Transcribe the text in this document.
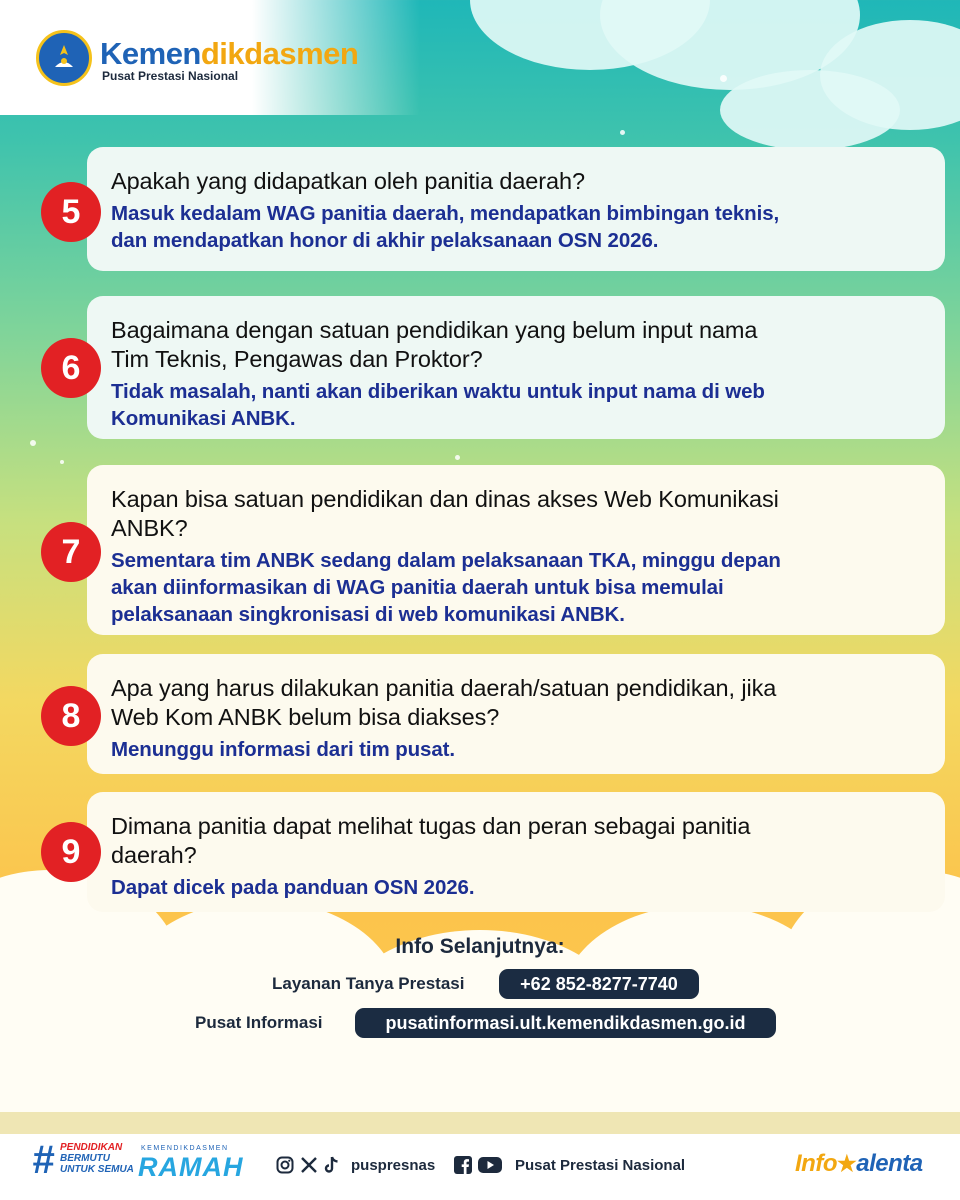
Kemendikdasmen
Pusat Prestasi Nasional
Apakah yang didapatkan oleh panitia daerah?
Masuk kedalam WAG panitia daerah, mendapatkan bimbingan teknis,
dan mendapatkan honor di akhir pelaksanaan OSN 2026.
5
Bagaimana dengan satuan pendidikan yang belum input nama
Tim Teknis, Pengawas dan Proktor?
Tidak masalah, nanti akan diberikan waktu untuk input nama di web
Komunikasi ANBK.
6
Kapan bisa satuan pendidikan dan dinas akses Web Komunikasi
ANBK?
Sementara tim ANBK sedang dalam pelaksanaan TKA, minggu depan
akan diinformasikan di WAG panitia daerah untuk bisa memulai
pelaksanaan singkronisasi di web komunikasi ANBK.
7
Apa yang harus dilakukan panitia daerah/satuan pendidikan, jika
Web Kom ANBK belum bisa diakses?
Menunggu informasi dari tim pusat.
8
Dimana panitia dapat melihat tugas dan peran sebagai panitia
daerah?
Dapat dicek pada panduan OSN 2026.
9
Info Selanjutnya:
Layanan Tanya Prestasi	+62 852-8277-7740
Pusat Informasi	pusatinformasi.ult.kemendikdasmen.go.id
# PENDIDIKAN
BERMUTU
UNTUK SEMUA
KEMENDIKDASMEN
RAMAH	puspresnas	Pusat Prestasi Nasional	Info★alenta
